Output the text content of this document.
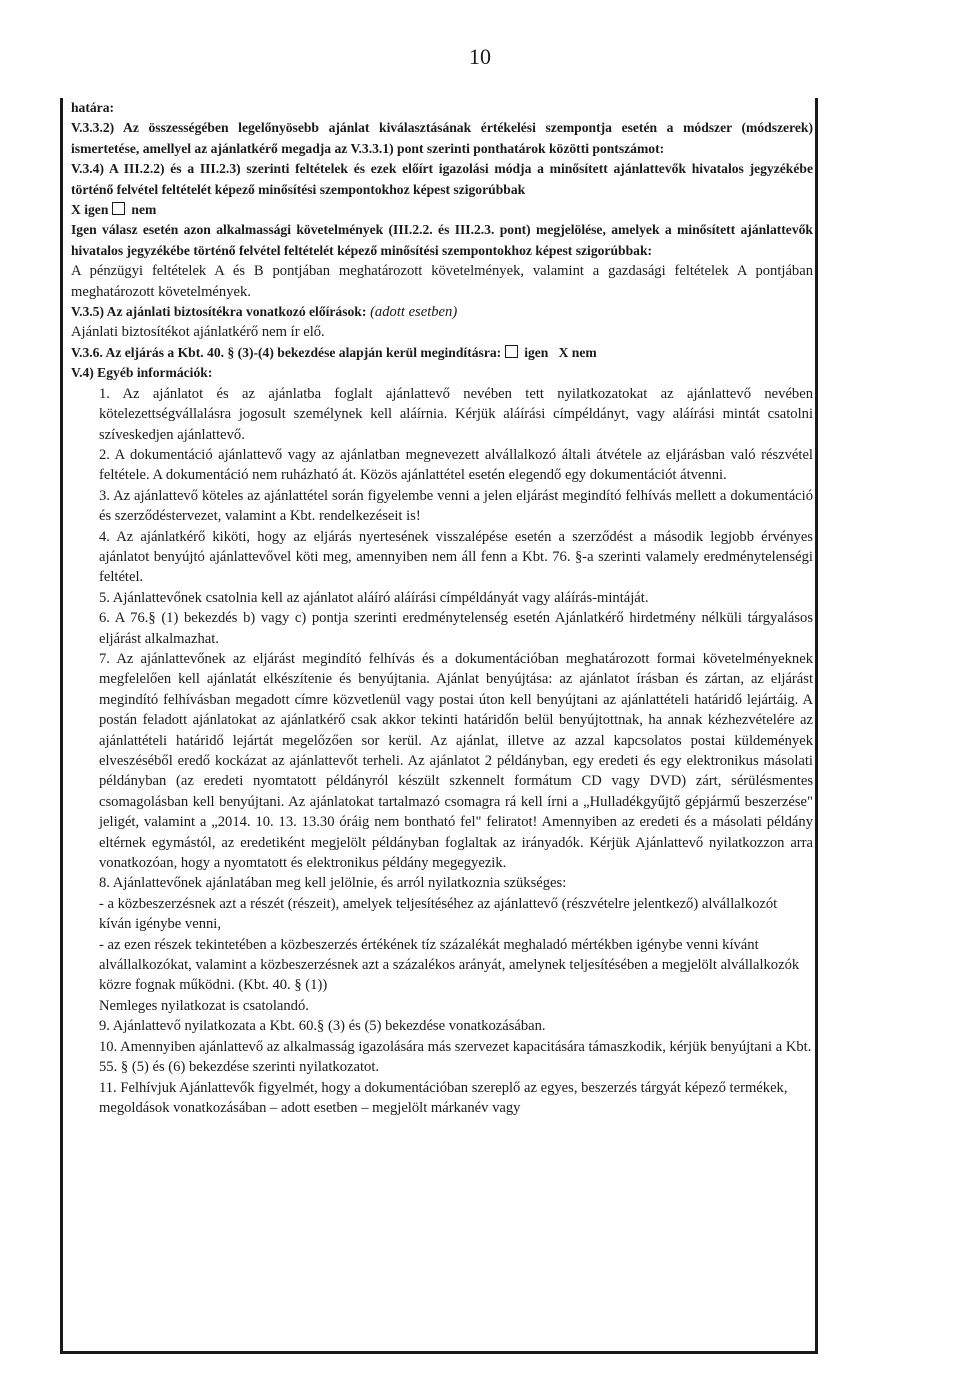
10

határa:

V.3.3.2) Az összességében legelőnyösebb ajánlat kiválasztásának értékelési szempontja esetén a módszer (módszerek) ismertetése, amellyel az ajánlatkérő megadja az V.3.3.1) pont szerinti ponthatárok közötti pontszámot:

V.3.4) A III.2.2) és a III.2.3) szerinti feltételek és ezek előírt igazolási módja a minősített ajánlattevők hivatalos jegyzékébe történő felvétel feltételét képező minősítési szempontokhoz képest szigorúbbak

X igen nem

Igen válasz esetén azon alkalmassági követelmények (III.2.2. és III.2.3. pont) megjelölése, amelyek a minősített ajánlattevők hivatalos jegyzékébe történő felvétel feltételét képező minősítési szempontokhoz képest szigorúbbak:

A pénzügyi feltételek A és B pontjában meghatározott követelmények, valamint a gazdasági feltételek A pontjában meghatározott követelmények.

V.3.5) Az ajánlati biztosítékra vonatkozó előírások: (adott esetben)

Ajánlati biztosítékot ajánlatkérő nem ír elő.

V.3.6. Az eljárás a Kbt. 40. § (3)-(4) bekezdése alapján kerül megindításra: igen X nem

V.4) Egyéb információk:

1. Az ajánlatot és az ajánlatba foglalt ajánlattevő nevében tett nyilatkozatokat az ajánlattevő nevében kötelezettségvállalásra jogosult személynek kell aláírnia. Kérjük aláírási címpéldányt, vagy aláírási mintát csatolni szíveskedjen ajánlattevő.

2. A dokumentáció ajánlattevő vagy az ajánlatban megnevezett alvállalkozó általi átvétele az eljárásban való részvétel feltétele. A dokumentáció nem ruházható át. Közös ajánlattétel esetén elegendő egy dokumentációt átvenni.

3. Az ajánlattevő köteles az ajánlattétel során figyelembe venni a jelen eljárást megindító felhívás mellett a dokumentáció és szerződéstervezet, valamint a Kbt. rendelkezéseit is!

4. Az ajánlatkérő kiköti, hogy az eljárás nyertesének visszalépése esetén a szerződést a második legjobb érvényes ajánlatot benyújtó ajánlattevővel köti meg, amennyiben nem áll fenn a Kbt. 76. §-a szerinti valamely eredménytelenségi feltétel.

5. Ajánlattevőnek csatolnia kell az ajánlatot aláíró aláírási címpéldányát vagy aláírás-mintáját.

6. A 76.§ (1) bekezdés b) vagy c) pontja szerinti eredménytelenség esetén Ajánlatkérő hirdetmény nélküli tárgyalásos eljárást alkalmazhat.

7. Az ajánlattevőnek az eljárást megindító felhívás és a dokumentációban meghatározott formai követelményeknek megfelelően kell ajánlatát elkészítenie és benyújtania. Ajánlat benyújtása: az ajánlatot írásban és zártan, az eljárást megindító felhívásban megadott címre közvetlenül vagy postai úton kell benyújtani az ajánlattételi határidő lejártáig. A postán feladott ajánlatokat az ajánlatkérő csak akkor tekinti határidőn belül benyújtottnak, ha annak kézhezvételére az ajánlattételi határidő lejártát megelőzően sor kerül. Az ajánlat, illetve az azzal kapcsolatos postai küldemények elveszéséből eredő kockázat az ajánlattevőt terheli. Az ajánlatot 2 példányban, egy eredeti és egy elektronikus másolati példányban (az eredeti nyomtatott példányról készült szkennelt formátum CD vagy DVD) zárt, sérülésmentes csomagolásban kell benyújtani. Az ajánlatokat tartalmazó csomagra rá kell írni a „Hulladékgyűjtő gépjármű beszerzése" jeligét, valamint a „2014. 10. 13. 13.30 óráig nem bontható fel" feliratot! Amennyiben az eredeti és a másolati példány eltérnek egymástól, az eredetiként megjelölt példányban foglaltak az irányadók. Kérjük Ajánlattevő nyilatkozzon arra vonatkozóan, hogy a nyomtatott és elektronikus példány megegyezik.

8. Ajánlattevőnek ajánlatában meg kell jelölnie, és arról nyilatkoznia szükséges:

- a közbeszerzésnek azt a részét (részeit), amelyek teljesítéséhez az ajánlattevő (részvételre jelentkező) alvállalkozót kíván igénybe venni,

- az ezen részek tekintetében a közbeszerzés értékének tíz százalékát meghaladó mértékben igénybe venni kívánt alvállalkozókat, valamint a közbeszerzésnek azt a százalékos arányát, amelynek teljesítésében a megjelölt alvállalkozók közre fognak működni. (Kbt. 40. § (1))

Nemleges nyilatkozat is csatolandó.

9. Ajánlattevő nyilatkozata a Kbt. 60.§ (3) és (5) bekezdése vonatkozásában.

10. Amennyiben ajánlattevő az alkalmasság igazolására más szervezet kapacitására támaszkodik, kérjük benyújtani a Kbt. 55. § (5) és (6) bekezdése szerinti nyilatkozatot.

11. Felhívjuk Ajánlattevők figyelmét, hogy a dokumentációban szereplő az egyes, beszerzés tárgyát képező termékek, megoldások vonatkozásában – adott esetben – megjelölt márkanév vagy
